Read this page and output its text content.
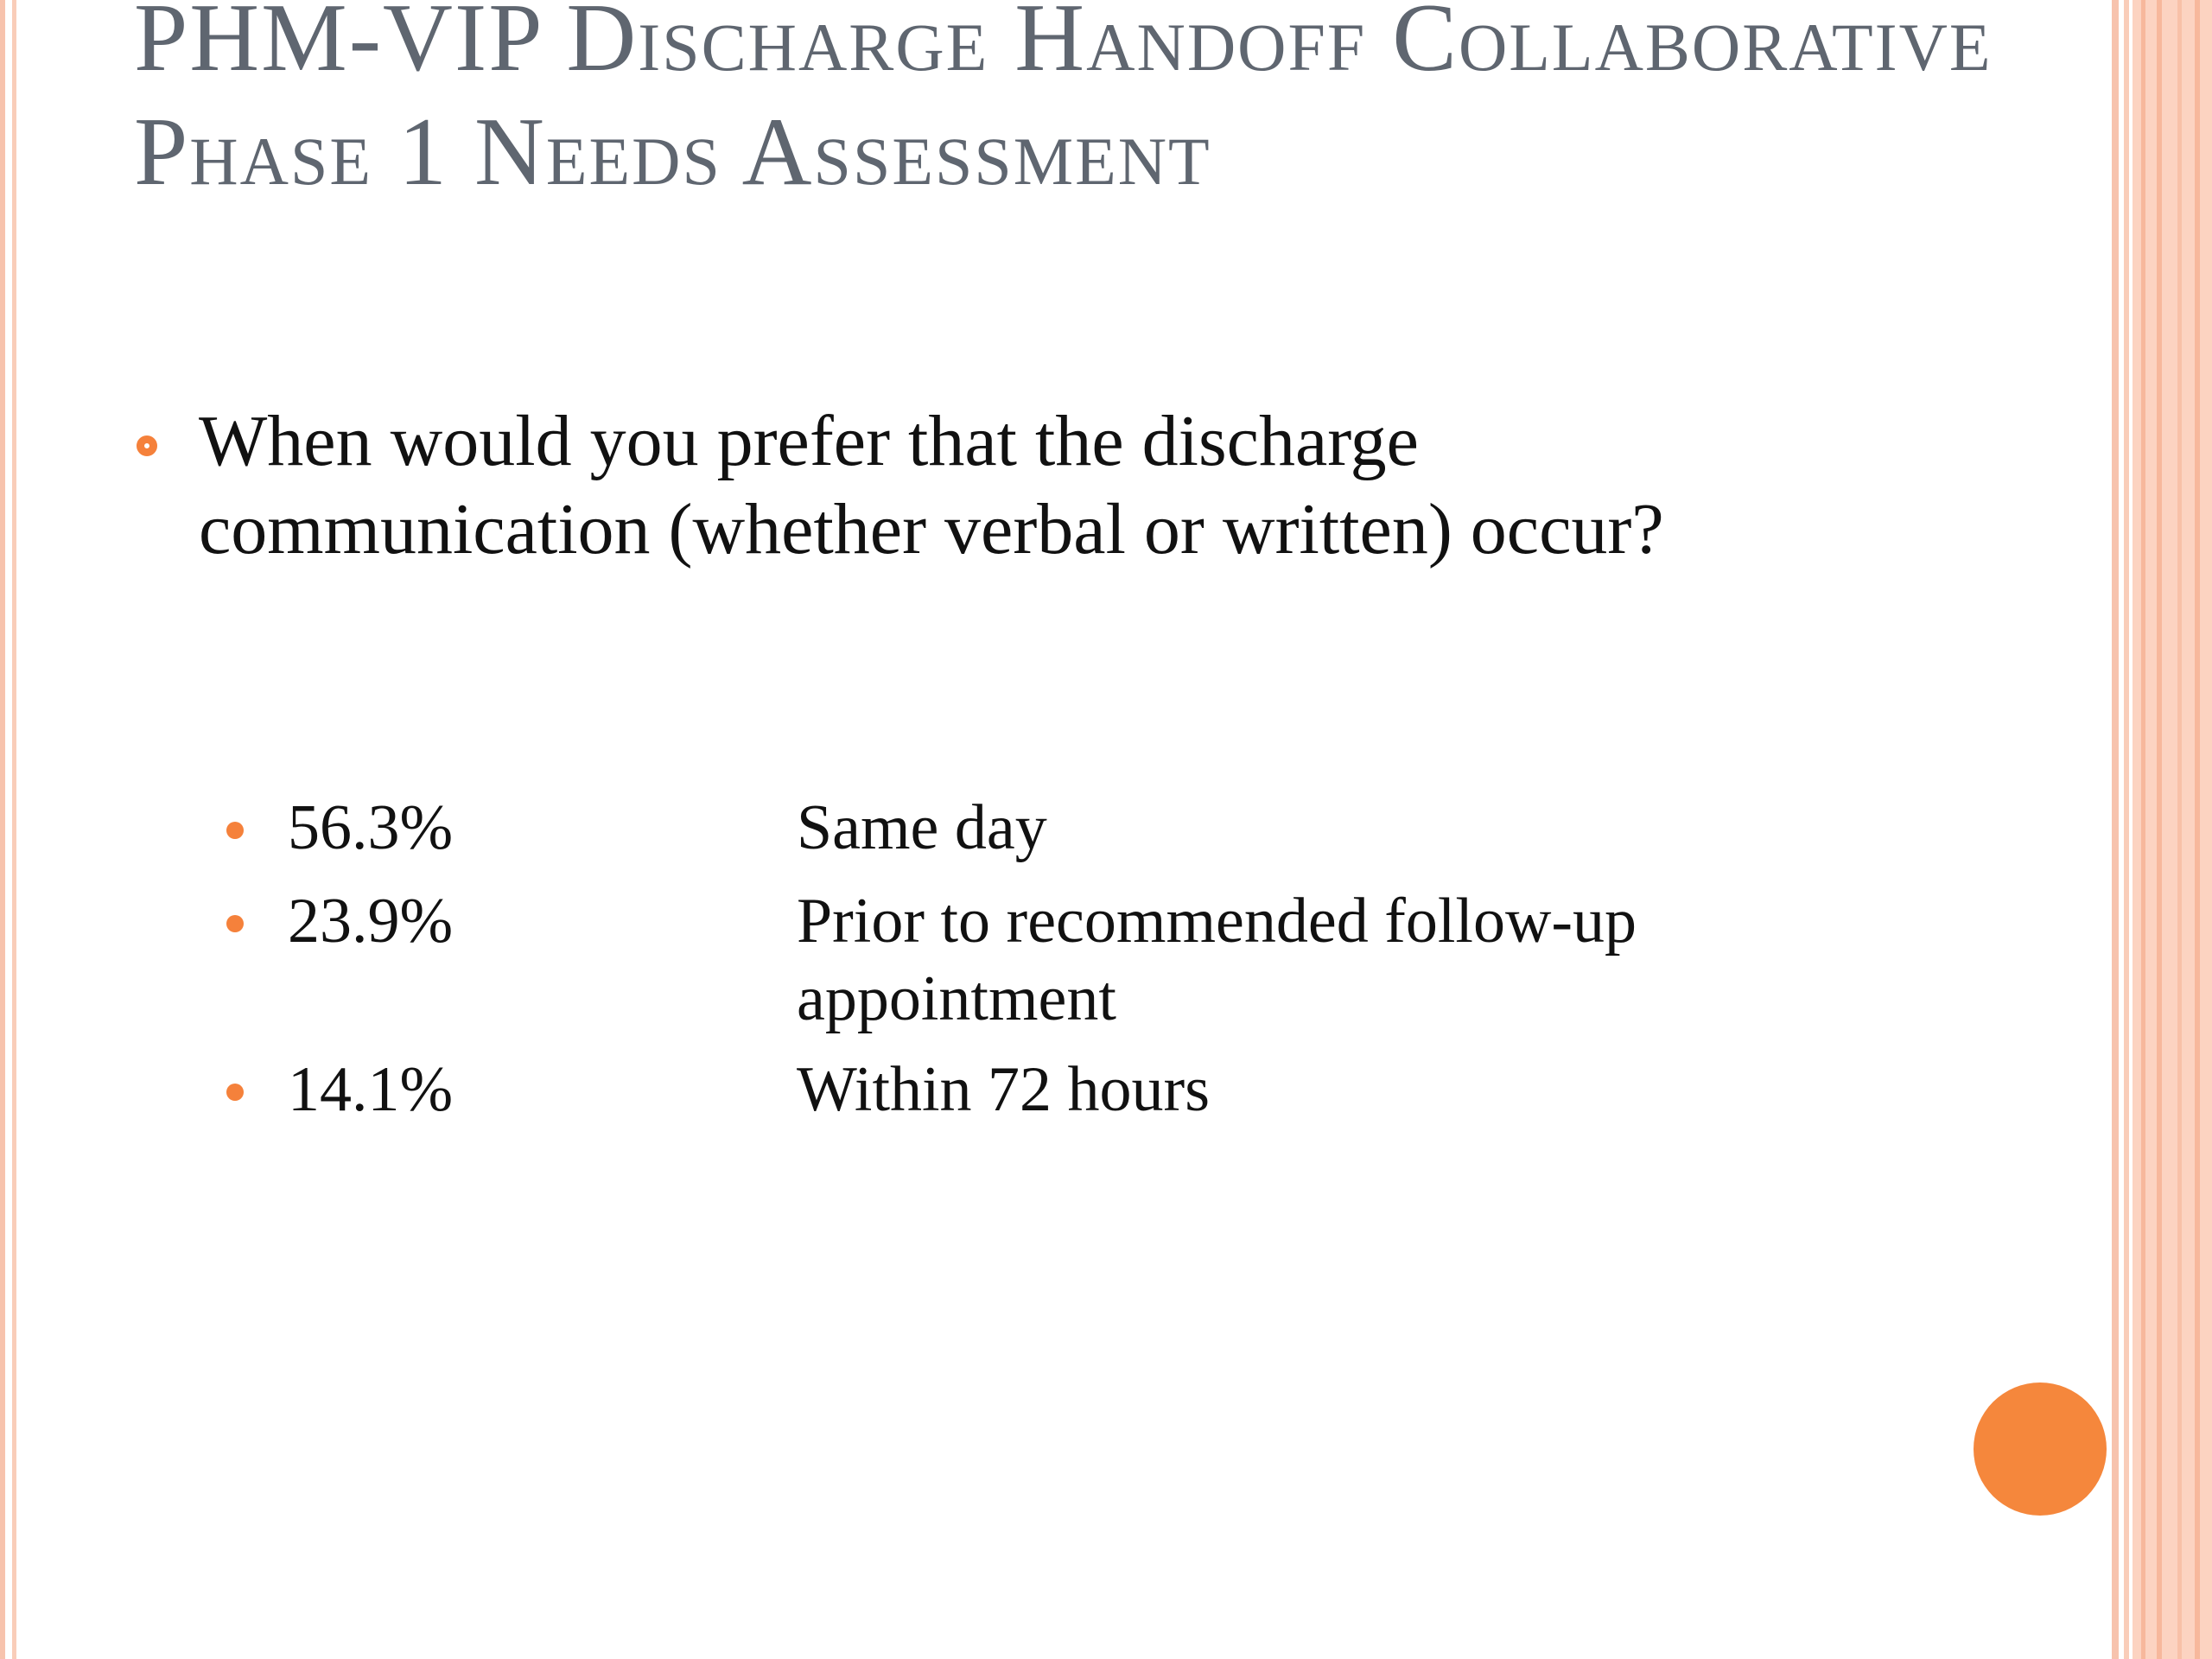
PHM-VIP Discharge Handoff Collaborative Phase 1 Needs Assessment

When would you prefer that the discharge communication (whether verbal or written) occur?

56.3%	Same day
23.9%	Prior to recommended follow-up appointment
14.1%	Within 72 hours
